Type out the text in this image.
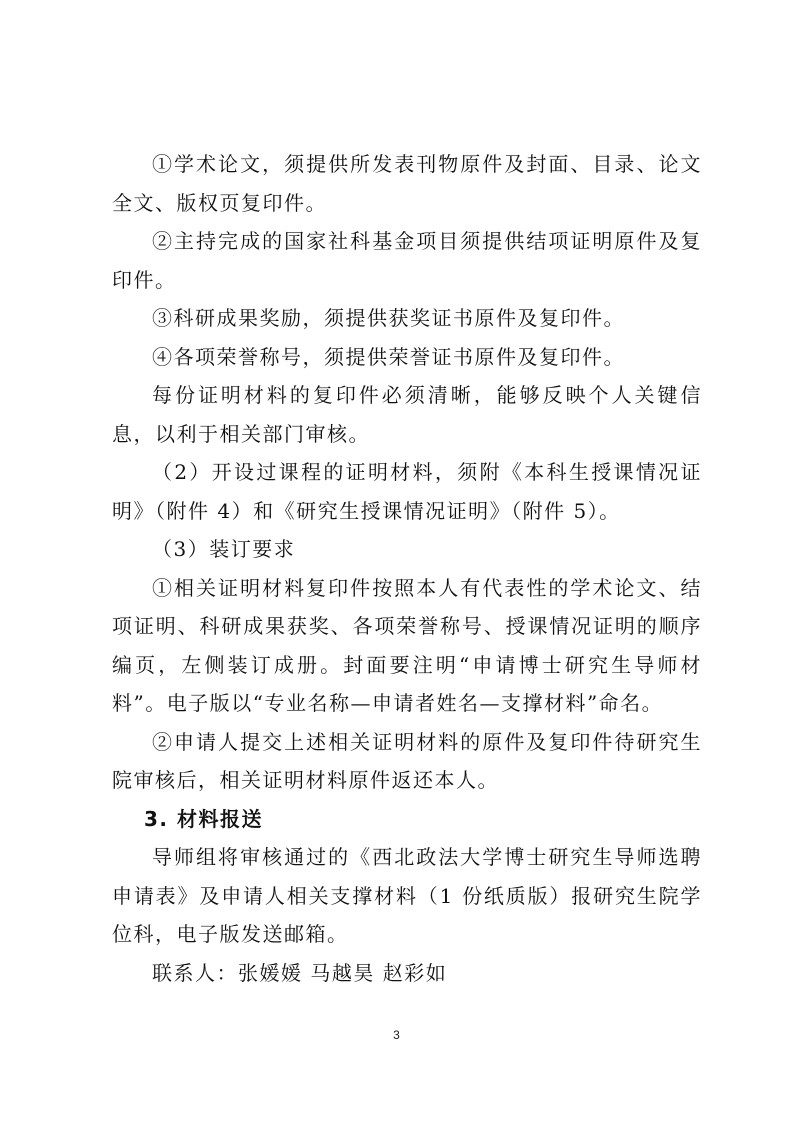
①学术论文，须提供所发表刊物原件及封面、目录、论文全文、版权页复印件。

②主持完成的国家社科基金项目须提供结项证明原件及复印件。

③科研成果奖励，须提供获奖证书原件及复印件。

④各项荣誉称号，须提供荣誉证书原件及复印件。

每份证明材料的复印件必须清晰，能够反映个人关键信息，以利于相关部门审核。

（2）开设过课程的证明材料，须附《本科生授课情况证明》（附件 4）和《研究生授课情况证明》（附件 5）。

（3）装订要求

①相关证明材料复印件按照本人有代表性的学术论文、结项证明、科研成果获奖、各项荣誉称号、授课情况证明的顺序编页，左侧装订成册。封面要注明“申请博士研究生导师材料”。电子版以“专业名称—申请者姓名—支撑材料”命名。

②申请人提交上述相关证明材料的原件及复印件待研究生院审核后，相关证明材料原件返还本人。

3. 材料报送

导师组将审核通过的《西北政法大学博士研究生导师选聘申请表》及申请人相关支撑材料（1 份纸质版）报研究生院学位科，电子版发送邮箱。

联系人：张媛媛 马越昊 赵彩如

3
